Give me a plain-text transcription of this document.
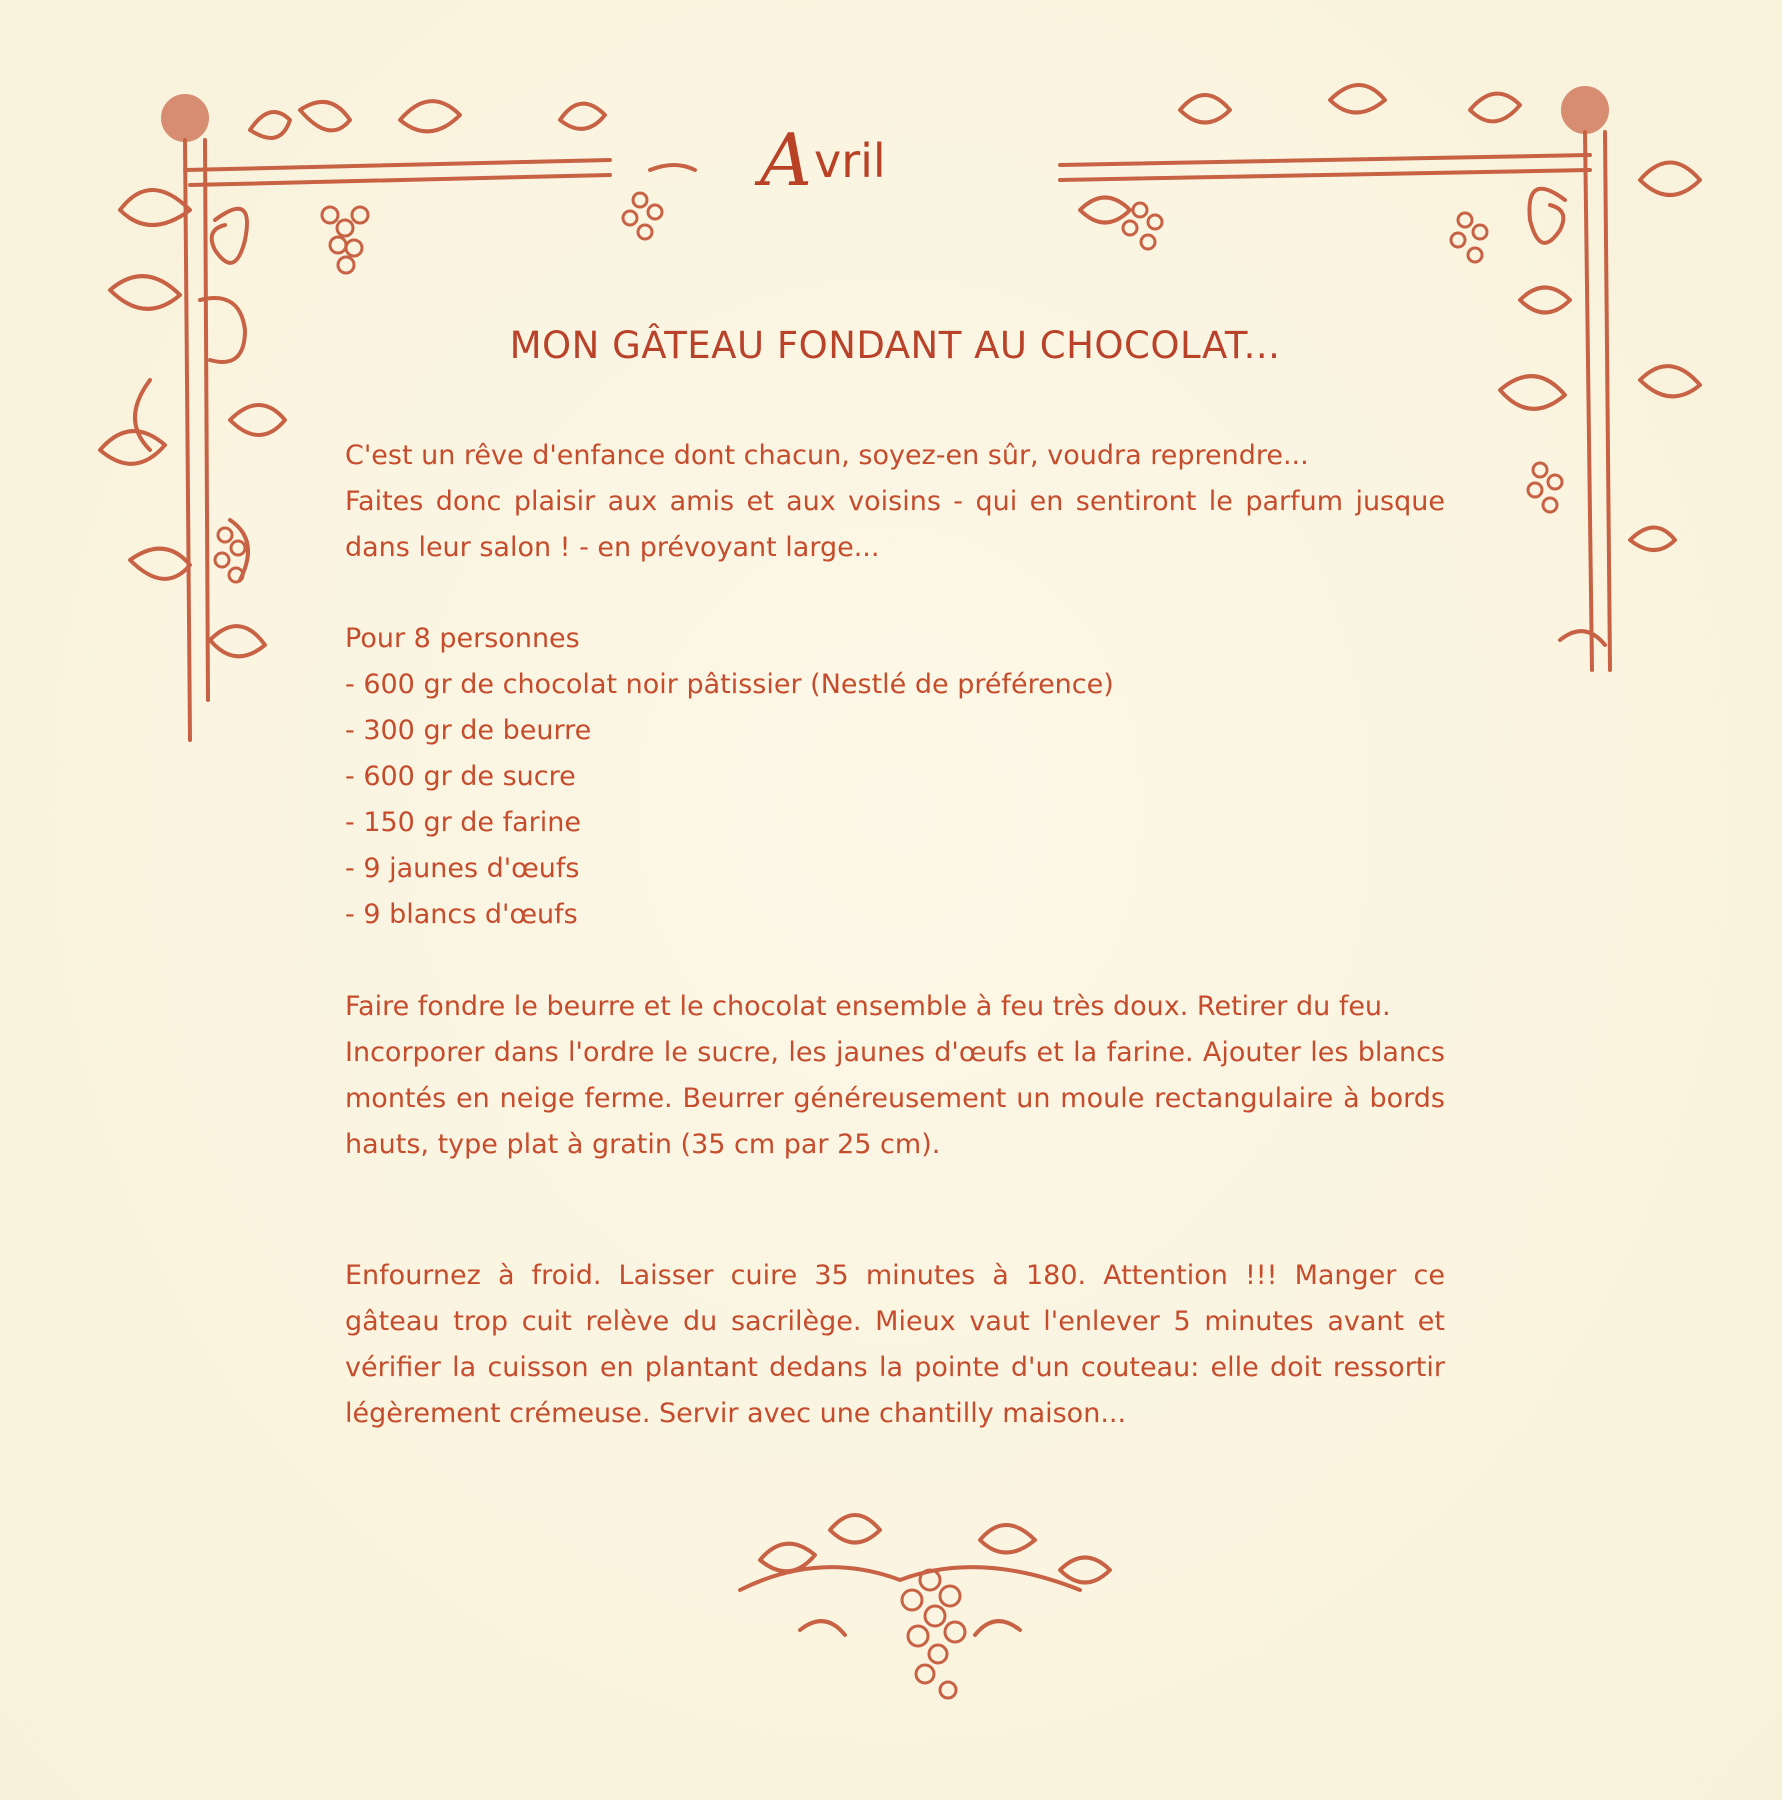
Avril
MON GÂTEAU FONDANT AU CHOCOLAT...

C'est un rêve d'enfance dont chacun, soyez-en sûr, voudra reprendre...

Faites donc plaisir aux amis et aux voisins - qui en sentiront le parfum jusque dans leur salon ! - en prévoyant large...

Pour 8 personnes
- 600 gr de chocolat noir pâtissier (Nestlé de préférence)
- 300 gr de beurre
- 600 gr de sucre
- 150 gr de farine
- 9 jaunes d'œufs
- 9 blancs d'œufs

Faire fondre le beurre et le chocolat ensemble à feu très doux. Retirer du feu.

Incorporer dans l'ordre le sucre, les jaunes d'œufs et la farine. Ajouter les blancs montés en neige ferme. Beurrer généreusement un moule rectangulaire à bords hauts, type plat à gratin (35 cm par 25 cm).

Enfournez à froid. Laisser cuire 35 minutes à 180. Attention !!! Manger ce gâteau trop cuit relève du sacrilège. Mieux vaut l'enlever 5 minutes avant et vérifier la cuisson en plantant dedans la pointe d'un couteau: elle doit ressortir légèrement crémeuse. Servir avec une chantilly maison...
